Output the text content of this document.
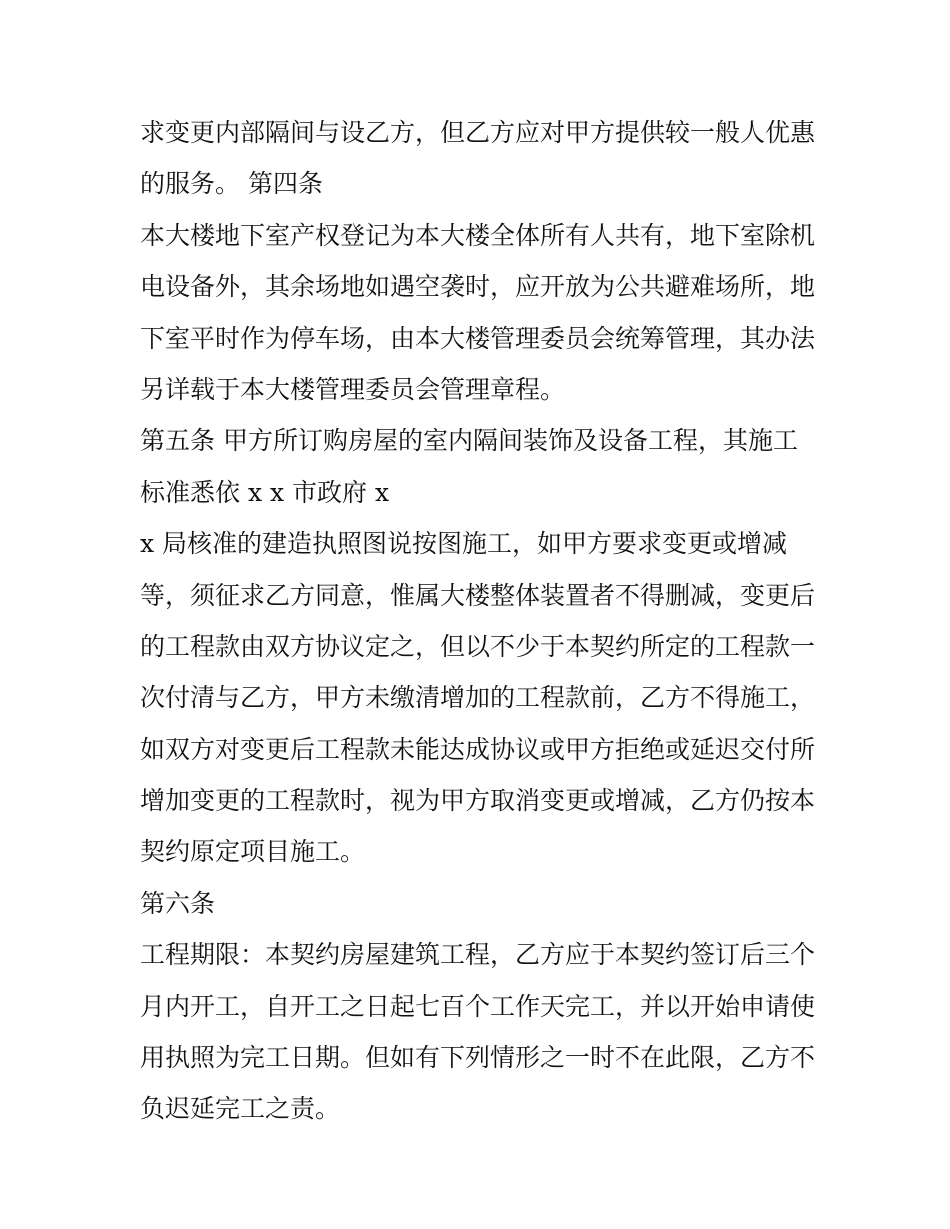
求变更内部隔间与设乙方，但乙方应对甲方提供较一般人优惠
的服务。 第四条
本大楼地下室产权登记为本大楼全体所有人共有，地下室除机
电设备外，其余场地如遇空袭时，应开放为公共避难场所，地
下室平时作为停车场，由本大楼管理委员会统筹管理，其办法
另详载于本大楼管理委员会管理章程。
第五条 甲方所订购房屋的室内隔间装饰及设备工程，其施工
标准悉依 x x 市政府 x
x 局核准的建造执照图说按图施工，如甲方要求变更或增减
等，须征求乙方同意，惟属大楼整体装置者不得删减，变更后
的工程款由双方协议定之，但以不少于本契约所定的工程款一
次付清与乙方，甲方未缴清增加的工程款前，乙方不得施工，
如双方对变更后工程款未能达成协议或甲方拒绝或延迟交付所
增加变更的工程款时，视为甲方取消变更或增减，乙方仍按本
契约原定项目施工。
第六条
工程期限：本契约房屋建筑工程，乙方应于本契约签订后三个
月内开工，自开工之日起七百个工作天完工，并以开始申请使
用执照为完工日期。但如有下列情形之一时不在此限，乙方不
负迟延完工之责。
